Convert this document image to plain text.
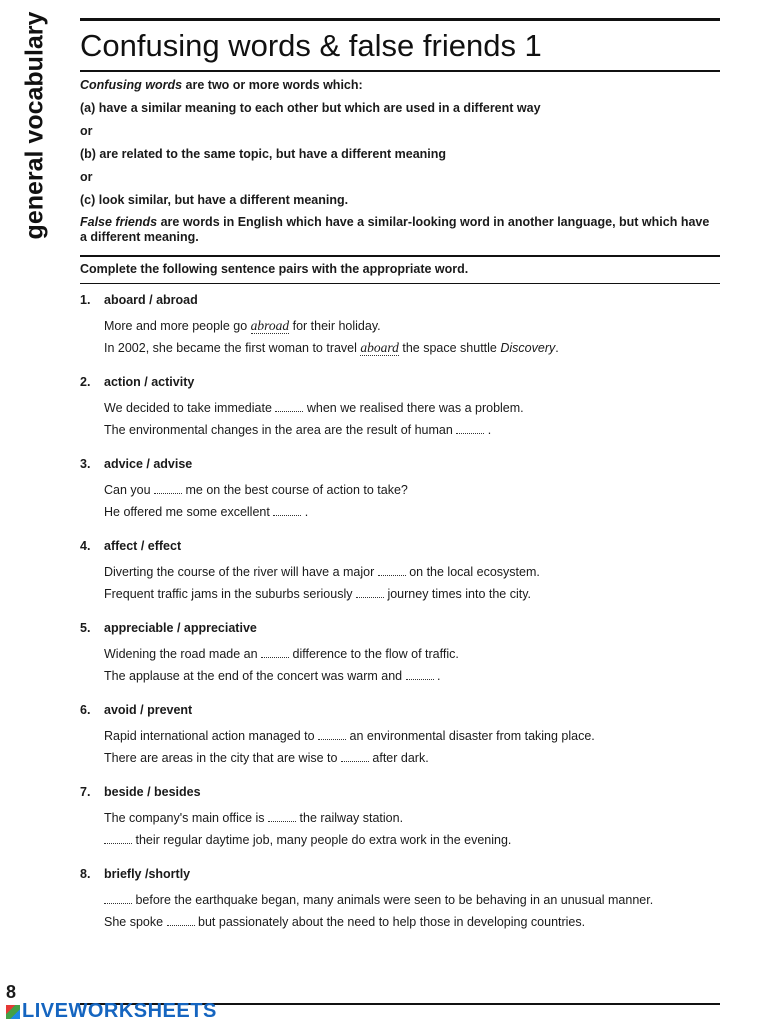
general vocabulary Confusing words & false friends 1

Confusing words are two or more words which:

(a) have a similar meaning to each other but which are used in a different way

or

(b) are related to the same topic, but have a different meaning

or

(c) look similar, but have a different meaning.

False friends are words in English which have a similar-looking word in another language, but which have a different meaning.

Complete the following sentence pairs with the appropriate word.

1.	aboard / abroad
More and more people go abroad for their holiday.
In 2002, she became the first woman to travel aboard the space shuttle Discovery.
2.	action / activity
We decided to take immediate  when we realised there was a problem.
The environmental changes in the area are the result of human  .
3.	advice / advise
Can you  me on the best course of action to take?
He offered me some excellent  .
4.	affect / effect
Diverting the course of the river will have a major  on the local ecosystem.
Frequent traffic jams in the suburbs seriously  journey times into the city.
5.	appreciable / appreciative
Widening the road made an  difference to the flow of traffic.
The applause at the end of the concert was warm and  .
6.	avoid / prevent
Rapid international action managed to  an environmental disaster from taking place.
There are areas in the city that are wise to  after dark.
7.	beside / besides
The company's main office is  the railway station.
their regular daytime job, many people do extra work in the evening.
8.	briefly /shortly
before the earthquake began, many animals were seen to be behaving in an unusual manner.
She spoke  but passionately about the need to help those in developing countries.
8
LIVEWORKSHEETS
